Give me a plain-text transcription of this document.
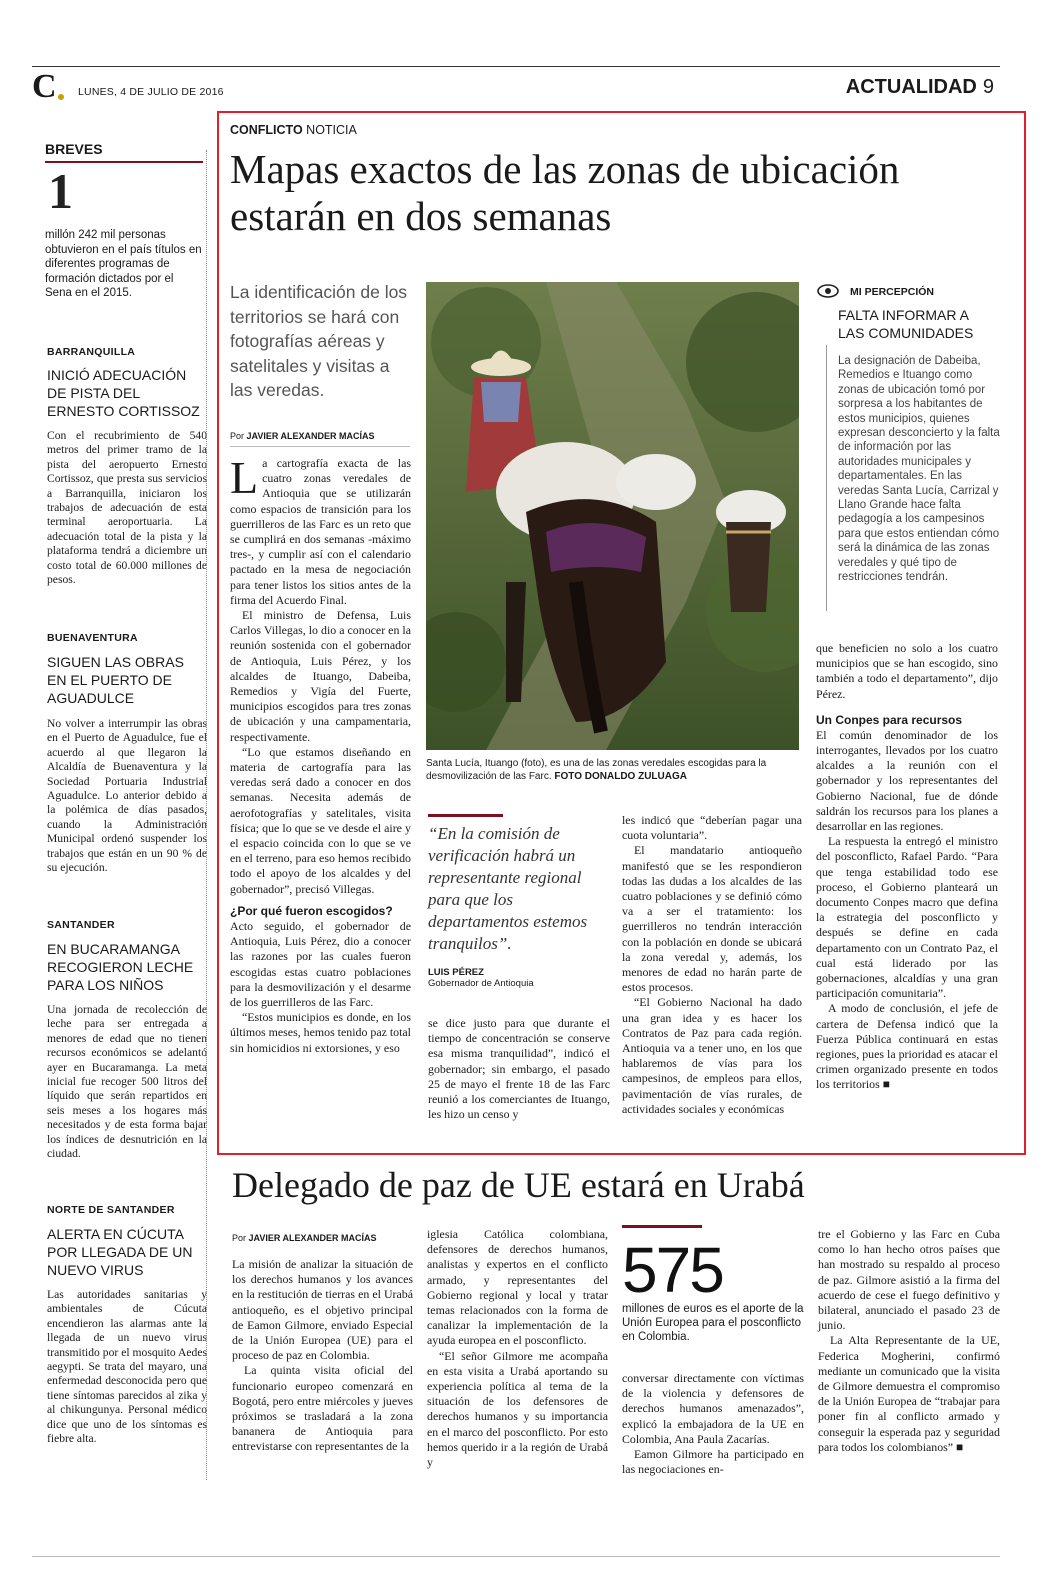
C LUNES, 4 DE JULIO DE 2016	ACTUALIDAD 9
BREVES
1
millón 242 mil personas obtuvieron en el país títulos en diferentes programas de formación dictados por el Sena en el 2015.
BARRANQUILLA
INICIÓ ADECUACIÓN DE PISTA DEL ERNESTO CORTISSOZ
Con el recubrimiento de 540 metros del primer tramo de la pista del aeropuerto Ernesto Cortissoz, que presta sus servicios a Barranquilla, iniciaron los trabajos de adecuación de esta terminal aeroportuaria. La adecuación total de la pista y la plataforma tendrá a diciembre un costo total de 60.000 millones de pesos.
BUENAVENTURA
SIGUEN LAS OBRAS EN EL PUERTO DE AGUADULCE
No volver a interrumpir las obras en el Puerto de Aguadulce, fue el acuerdo al que llegaron la Alcaldía de Buenaventura y la Sociedad Portuaria Industrial Aguadulce. Lo anterior debido a la polémica de días pasados, cuando la Administración Municipal ordenó suspender los trabajos que están en un 90 % de su ejecución.
SANTANDER
EN BUCARAMANGA RECOGIERON LECHE PARA LOS NIÑOS
Una jornada de recolección de leche para ser entregada a menores de edad que no tienen recursos económicos se adelantó ayer en Bucaramanga. La meta inicial fue recoger 500 litros del líquido que serán repartidos en seis meses a los hogares más necesitados y de esta forma bajar los índices de desnutrición en la ciudad.
NORTE DE SANTANDER
ALERTA EN CÚCUTA POR LLEGADA DE UN NUEVO VIRUS
Las autoridades sanitarias y ambientales de Cúcuta encendieron las alarmas ante la llegada de un nuevo virus transmitido por el mosquito Aedes aegypti. Se trata del mayaro, una enfermedad desconocida pero que tiene síntomas parecidos al zika y al chikungunya. Personal médico dice que uno de los síntomas es fiebre alta.
CONFLICTO NOTICIA
Mapas exactos de las zonas de ubicación estarán en dos semanas
La identificación de los territorios se hará con fotografías aéreas y satelitales y visitas a las veredas.
Por JAVIER ALEXANDER MACÍAS

La cartografía exacta de las cuatro zonas veredales de Antioquia que se utilizarán como espacios de transición para los guerrilleros de las Farc es un reto que se cumplirá en dos semanas -máximo tres-, y cumplir así con el calendario pactado en la mesa de negociación para tener listos los sitios antes de la firma del Acuerdo Final.

El ministro de Defensa, Luis Carlos Villegas, lo dio a conocer en la reunión sostenida con el gobernador de Antioquia, Luis Pérez, y los alcaldes de Ituango, Dabeiba, Remedios y Vigía del Fuerte, municipios escogidos para tres zonas de ubicación y una campamentaria, respectivamente.

“Lo que estamos diseñando en materia de cartografía para las veredas será dado a conocer en dos semanas. Necesita además de aerofotografías y satelitales, visita física; que lo que se ve desde el aire y el espacio coincida con lo que se ve en el terreno, para eso hemos recibido todo el apoyo de los alcaldes y del gobernador”, precisó Villegas.

¿Por qué fueron escogidos?

Acto seguido, el gobernador de Antioquia, Luis Pérez, dio a conocer las razones por las cuales fueron escogidas estas cuatro poblaciones para la desmovilización y el desarme de los guerrilleros de las Farc.

“Estos municipios es donde, en los últimos meses, hemos tenido paz total sin homicidios ni extorsiones, y eso

Santa Lucía, Ituango (foto), es una de las zonas veredales escogidas para la desmovilización de las Farc. FOTO DONALDO ZULUAGA
“En la comisión de verificación habrá un representante regional para que los departamentos estemos tranquilos”.
LUIS PÉREZ
Gobernador de Antioquia

se dice justo para que durante el tiempo de concentración se conserve esa misma tranquilidad”, indicó el gobernador; sin embargo, el pasado 25 de mayo el frente 18 de las Farc reunió a los comerciantes de Ituango, les hizo un censo y

les indicó que “deberían pagar una cuota voluntaria”.

El mandatario antioqueño manifestó que se les respondieron todas las dudas a los alcaldes de las cuatro poblaciones y se definió cómo va a ser el tratamiento: los guerrilleros no tendrán interacción con la población en donde se ubicará la zona veredal y, además, los menores de edad no harán parte de estos procesos.

“El Gobierno Nacional ha dado una gran idea y es hacer los Contratos de Paz para cada región. Antioquia va a tener uno, en los que hablaremos de vías para los campesinos, de empleos para ellos, pavimentación de vías rurales, de actividades sociales y económicas

MI PERCEPCIÓN
FALTA INFORMAR A LAS COMUNIDADES
La designación de Dabeiba, Remedios e Ituango como zonas de ubicación tomó por sorpresa a los habitantes de estos municipios, quienes expresan desconcierto y la falta de información por las autoridades municipales y departamentales. En las veredas Santa Lucía, Carrizal y Llano Grande hace falta pedagogía a los campesinos para que estos entiendan cómo será la dinámica de las zonas veredales y qué tipo de restricciones tendrán.

que beneficien no solo a los cuatro municipios que se han escogido, sino también a todo el departamento”, dijo Pérez.

Un Conpes para recursos

El común denominador de los interrogantes, llevados por los cuatro alcaldes a la reunión con el gobernador y los representantes del Gobierno Nacional, fue de dónde saldrán los recursos para los planes a desarrollar en las regiones.

La respuesta la entregó el ministro del posconflicto, Rafael Pardo. “Para que tenga estabilidad todo ese proceso, el Gobierno planteará un documento Conpes macro que defina la estrategia del posconflicto y después se define en cada departamento con un Contrato Paz, el cual está liderado por las gobernaciones, alcaldías y una gran participación comunitaria”.

A modo de conclusión, el jefe de cartera de Defensa indicó que la Fuerza Pública continuará en estas regiones, pues la prioridad es atacar el crimen organizado presente en todos los territorios ■

Delegado de paz de UE estará en Urabá
Por JAVIER ALEXANDER MACÍAS

La misión de analizar la situación de los derechos humanos y los avances en la restitución de tierras en el Urabá antioqueño, es el objetivo principal de Eamon Gilmore, enviado Especial de la Unión Europea (UE) para el proceso de paz en Colombia.

La quinta visita oficial del funcionario europeo comenzará en Bogotá, pero entre miércoles y jueves próximos se trasladará a la zona bananera de Antioquia para entrevistarse con representantes de la

iglesia Católica colombiana, defensores de derechos humanos, analistas y expertos en el conflicto armado, y representantes del Gobierno regional y local y tratar temas relacionados con la forma de canalizar la implementación de la ayuda europea en el posconflicto.

“El señor Gilmore me acompaña en esta visita a Urabá aportando su experiencia política al tema de la situación de los defensores de derechos humanos y su importancia en el marco del posconflicto. Por esto hemos querido ir a la región de Urabá y

575
millones de euros es el aporte de la Unión Europea para el posconflicto en Colombia.

conversar directamente con víctimas de la violencia y defensores de derechos humanos amenazados”, explicó la embajadora de la UE en Colombia, Ana Paula Zacarías.

Eamon Gilmore ha participado en las negociaciones en-

tre el Gobierno y las Farc en Cuba como lo han hecho otros países que han mostrado su respaldo al proceso de paz. Gilmore asistió a la firma del acuerdo de cese el fuego definitivo y bilateral, anunciado el pasado 23 de junio.

La Alta Representante de la UE, Federica Mogherini, confirmó mediante un comunicado que la visita de Gilmore demuestra el compromiso de la Unión Europea de “trabajar para poner fin al conflicto armado y conseguir la esperada paz y seguridad para todos los colombianos” ■
